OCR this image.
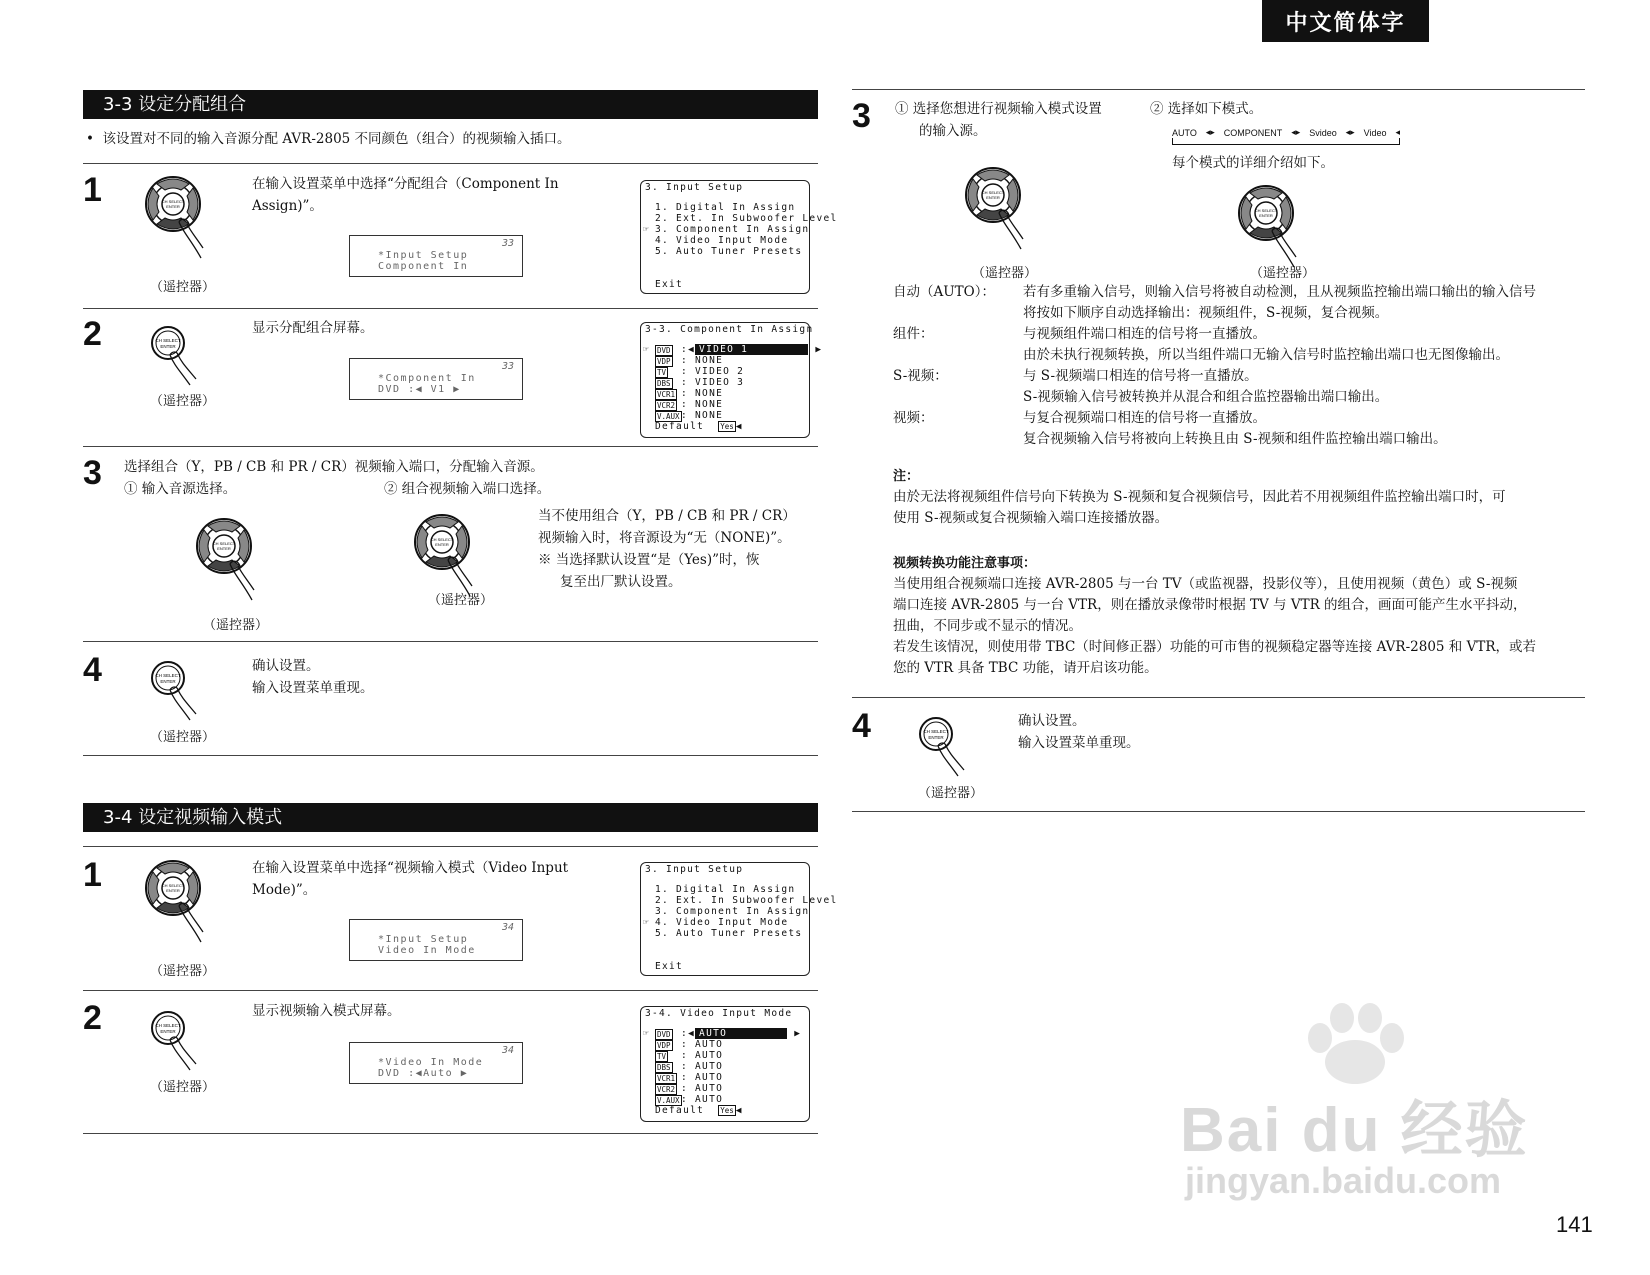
中文简体字
3-3 设定分配组合
•  该设置对不同的输入音源分配 AVR-2805 不同颜色（组合）的视频输入插口。
1	CH SELECT
ENTER
（遥控器）
在输入设置菜单中选择“分配组合（Component In
Assign)”。
33
*Input Setup
Component In
3. Input Setup
1. Digital In Assign
2. Ext. In Subwoofer Level
☞ 3. Component In Assign
4. Video Input Mode
5. Auto Tuner Presets
Exit
2	CH SELECT
ENTER
（遥控器）
显示分配组合屏幕。
33
*Component In
DVD :◀ V1 ▶
3-3. Component In Assign
☞ DVD :◀ VIDEO 1         ▶
VDP : NONE
TV : VIDEO 2
DBS : VIDEO 3
VCR1 : NONE
VCR2 : NONE
V.AUX : NONE
Default Yes ◀
3 选择组合（Y，PB / CB 和 PR / CR）视频输入端口，分配输入音源。
① 输入音源选择。	② 组合视频输入端口选择。
CH SELECT
ENTER
（遥控器）
CH SELECT
ENTER
（遥控器）
当不使用组合（Y，PB / CB 和 PR / CR）
视频输入时，将音源设为“无（NONE)”。
※ 当选择默认设置“是（Yes)”时，恢
复至出厂默认设置。
4	CH SELECT
ENTER
（遥控器）
确认设置。
输入设置菜单重现。
3-4 设定视频输入模式
1	CH SELECT
ENTER
（遥控器）
在输入设置菜单中选择“视频输入模式（Video Input
Mode)”。
34
*Input Setup
Video In Mode
3. Input Setup
1. Digital In Assign
2. Ext. In Subwoofer Level
3. Component In Assign
☞ 4. Video Input Mode
5. Auto Tuner Presets
Exit
2	CH SELECT
ENTER
（遥控器）
显示视频输入模式屏幕。
34
*Video In Mode
DVD :◀Auto ▶
3-4. Video Input Mode
☞ DVD :◀ AUTO         ▶
VDP : AUTO
TV : AUTO
DBS : AUTO
VCR1 : AUTO
VCR2 : AUTO
V.AUX : AUTO
Default Yes ◀
3 ① 选择您想进行视频输入模式设置
的输入源。
② 选择如下模式。
AUTO ◂▸ COMPONENT ◂▸ Svideo ◂▸ Video ◂
每个模式的详细介绍如下。
CH SELECT
ENTER
（遥控器）
CH SELECT
ENTER
（遥控器）
自动（AUTO）：	若有多重输入信号，则输入信号将被自动检测，且从视频监控输出端口输出的输入信号
将按如下顺序自动选择输出：视频组件，S-视频，复合视频。
组件：	与视频组件端口相连的信号将一直播放。
由於未执行视频转换，所以当组件端口无输入信号时监控输出端口也无图像输出。
S-视频：	与 S-视频端口相连的信号将一直播放。
S-视频输入信号被转换并从混合和组合监控器输出端口输出。
视频：	与复合视频端口相连的信号将一直播放。
复合视频输入信号将被向上转换且由 S-视频和组件监控输出端口输出。
注：
由於无法将视频组件信号向下转换为 S-视频和复合视频信号，因此若不用视频组件监控输出端口时，可
使用 S-视频或复合视频输入端口连接播放器。
视频转换功能注意事项：
当使用组合视频端口连接 AVR-2805 与一台 TV（或监视器，投影仪等），且使用视频（黄色）或 S-视频
端口连接 AVR-2805 与一台 VTR，则在播放录像带时根据 TV 与 VTR 的组合，画面可能产生水平抖动，
扭曲，不同步或不显示的情况。
若发生该情况，则使用带 TBC（时间修正器）功能的可市售的视频稳定器等连接 AVR-2805 和 VTR，或若
您的 VTR 具备 TBC 功能，请开启该功能。
4	CH SELECT
ENTER
（遥控器）
确认设置。
输入设置菜单重现。
Bai du 经验
jingyan.baidu.com
141
